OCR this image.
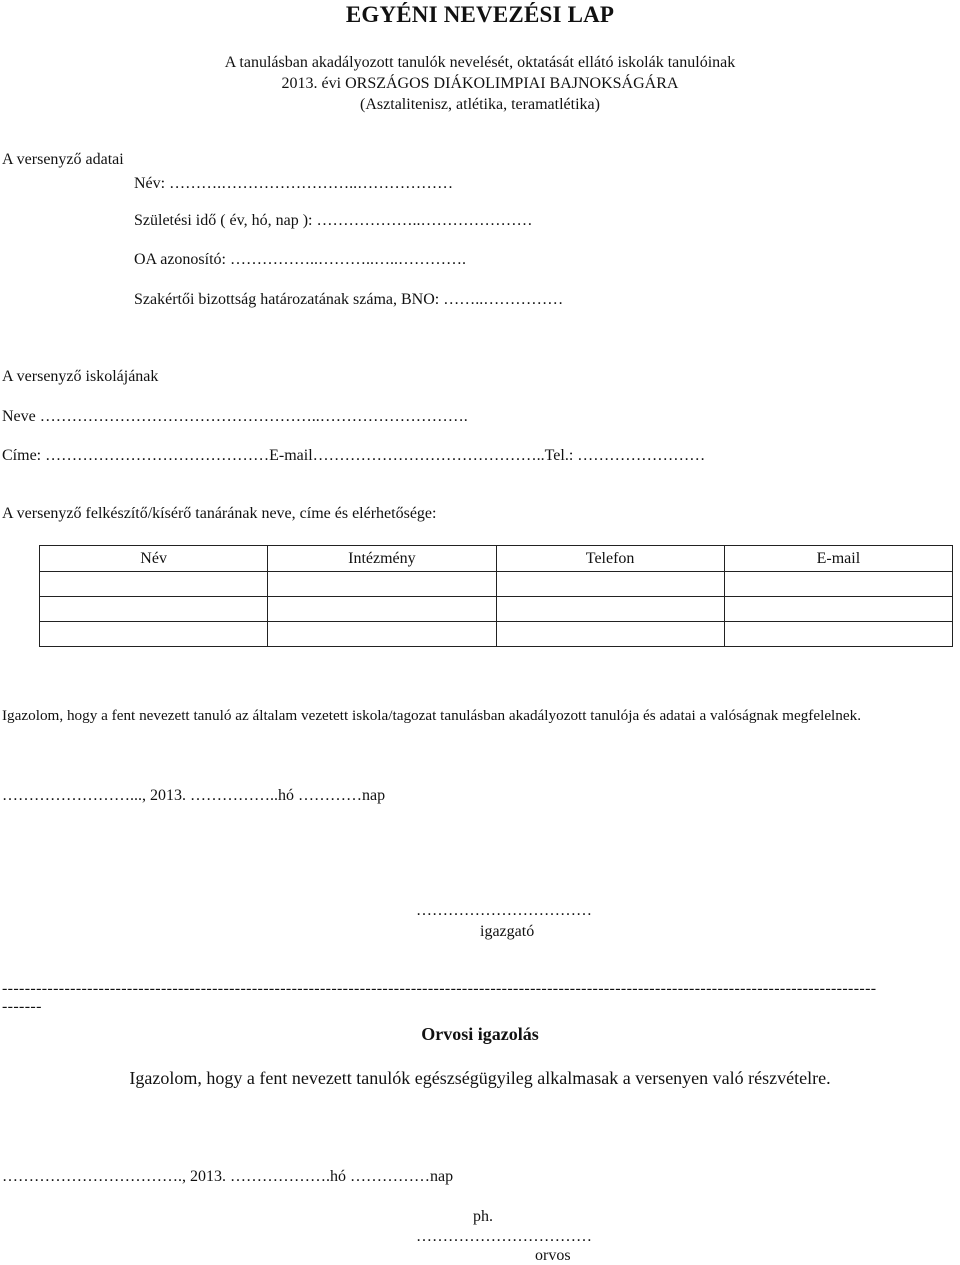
EGYÉNI NEVEZÉSI LAP
A tanulásban akadályozott tanulók nevelését, oktatását ellátó iskolák tanulóinak
2013. évi ORSZÁGOS DIÁKOLIMPIAI BAJNOKSÁGÁRA
(Asztalitenisz, atlétika, teramatlétika)
A versenyző adatai
Név: ……….……………………..………………
Születési idő ( év, hó, nap ): ………………..…………………
OA azonosító: ……………..………..…..………….
Szakértői bizottság határozatának száma, BNO: ……..……………
A versenyző iskolájának
Neve ……………………………………………..……………………….
Címe: ……………………………………E-mail……………………………………..Tel.: ……………………
A versenyző felkészítő/kísérő tanárának neve, címe és elérhetősége:
Név	Intézmény	Telefon	E-mail

Igazolom, hogy a fent nevezett tanuló az általam vezetett iskola/tagozat tanulásban akadályozott tanulója és adatai a valóságnak megfelelnek.
……………………..., 2013. ……………..hó …………nap
……………………………
igazgató
-----------------------------------------------------------------------------------------------------------------------------------------------------------------
Orvosi igazolás
Igazolom, hogy a fent nevezett tanulók egészségügyileg alkalmasak a versenyen való részvételre.
……………………………., 2013. ……………….hó ……………nap
ph.
……………………………
orvos
